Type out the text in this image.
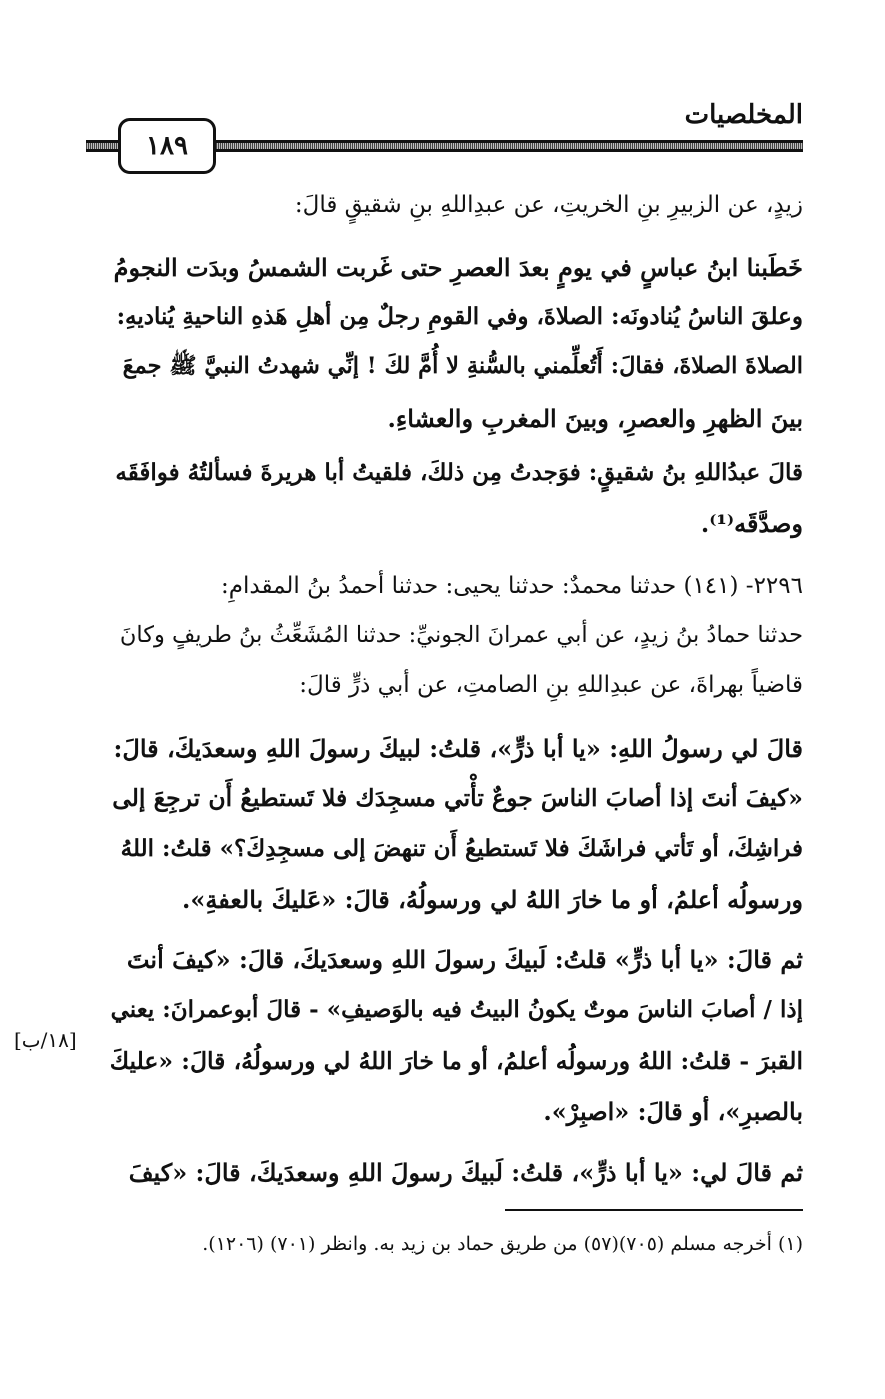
المخلصيات
١٨٩
زيدٍ، عن الزبيرِ بنِ الخريتِ، عن عبدِاللهِ بنِ شقيقٍ قالَ:
خَطَبنا ابنُ عباسٍ في يومٍ بعدَ العصرِ حتى غَربت الشمسُ وبدَت النجومُ
وعلقَ الناسُ يُنادونَه: الصلاةَ، وفي القومِ رجلٌ مِن أهلِ هَذهِ الناحيةِ يُناديهِ:
الصلاةَ الصلاةَ، فقالَ: أَتُعلِّمني بالسُّنةِ لا أُمَّ لكَ ! إنِّي شهدتُ النبيَّ ﷺ جمعَ
بينَ الظهرِ والعصرِ، وبينَ المغربِ والعشاءِ.
قالَ عبدُاللهِ بنُ شقيقٍ: فوَجدتُ مِن ذلكَ، فلقيتُ أبا هريرةَ فسألتُهُ فوافَقَه
وصدَّقَه⁽¹⁾.
٢٢٩٦- (١٤١) حدثنا محمدٌ: حدثنا يحيى: حدثنا أحمدُ بنُ المقدامِ:
حدثنا حمادُ بنُ زيدٍ، عن أبي عمرانَ الجونيِّ: حدثنا المُشَعِّثُ بنُ طريفٍ وكانَ
قاضياً بهراةَ، عن عبدِاللهِ بنِ الصامتِ، عن أبي ذرٍّ قالَ:
قالَ لي رسولُ اللهِ: «يا أبا ذرٍّ»، قلتُ: لبيكَ رسولَ اللهِ وسعدَيكَ، قالَ:
«كيفَ أنتَ إذا أصابَ الناسَ جوعٌ تأْتي مسجِدَك فلا تَستطيعُ أَن ترجِعَ إلى
فراشِكَ، أو تَأتي فراشَكَ فلا تَستطيعُ أَن تنهضَ إلى مسجِدِكَ؟» قلتُ: اللهُ
ورسولُه أعلمُ، أو ما خارَ اللهُ لي ورسولُهُ، قالَ: «عَليكَ بالعفةِ».
ثم قالَ: «يا أبا ذرٍّ» قلتُ: لَبيكَ رسولَ اللهِ وسعدَيكَ، قالَ: «كيفَ أنتَ
إذا / أصابَ الناسَ موتٌ يكونُ البيتُ فيه بالوَصيفِ» - قالَ أبوعمرانَ: يعني
القبرَ - قلتُ: اللهُ ورسولُه أعلمُ، أو ما خارَ اللهُ لي ورسولُهُ، قالَ: «عليكَ
بالصبرِ»، أو قالَ: «اصبِرْ».
ثم قالَ لي: «يا أبا ذرٍّ»، قلتُ: لَبيكَ رسولَ اللهِ وسعدَيكَ، قالَ: «كيفَ
[١٨/ب]
(١) أخرجه مسلم (٧٠٥)(٥٧) من طريق حماد بن زيد به. وانظر (٧٠١) (١٢٠٦).
